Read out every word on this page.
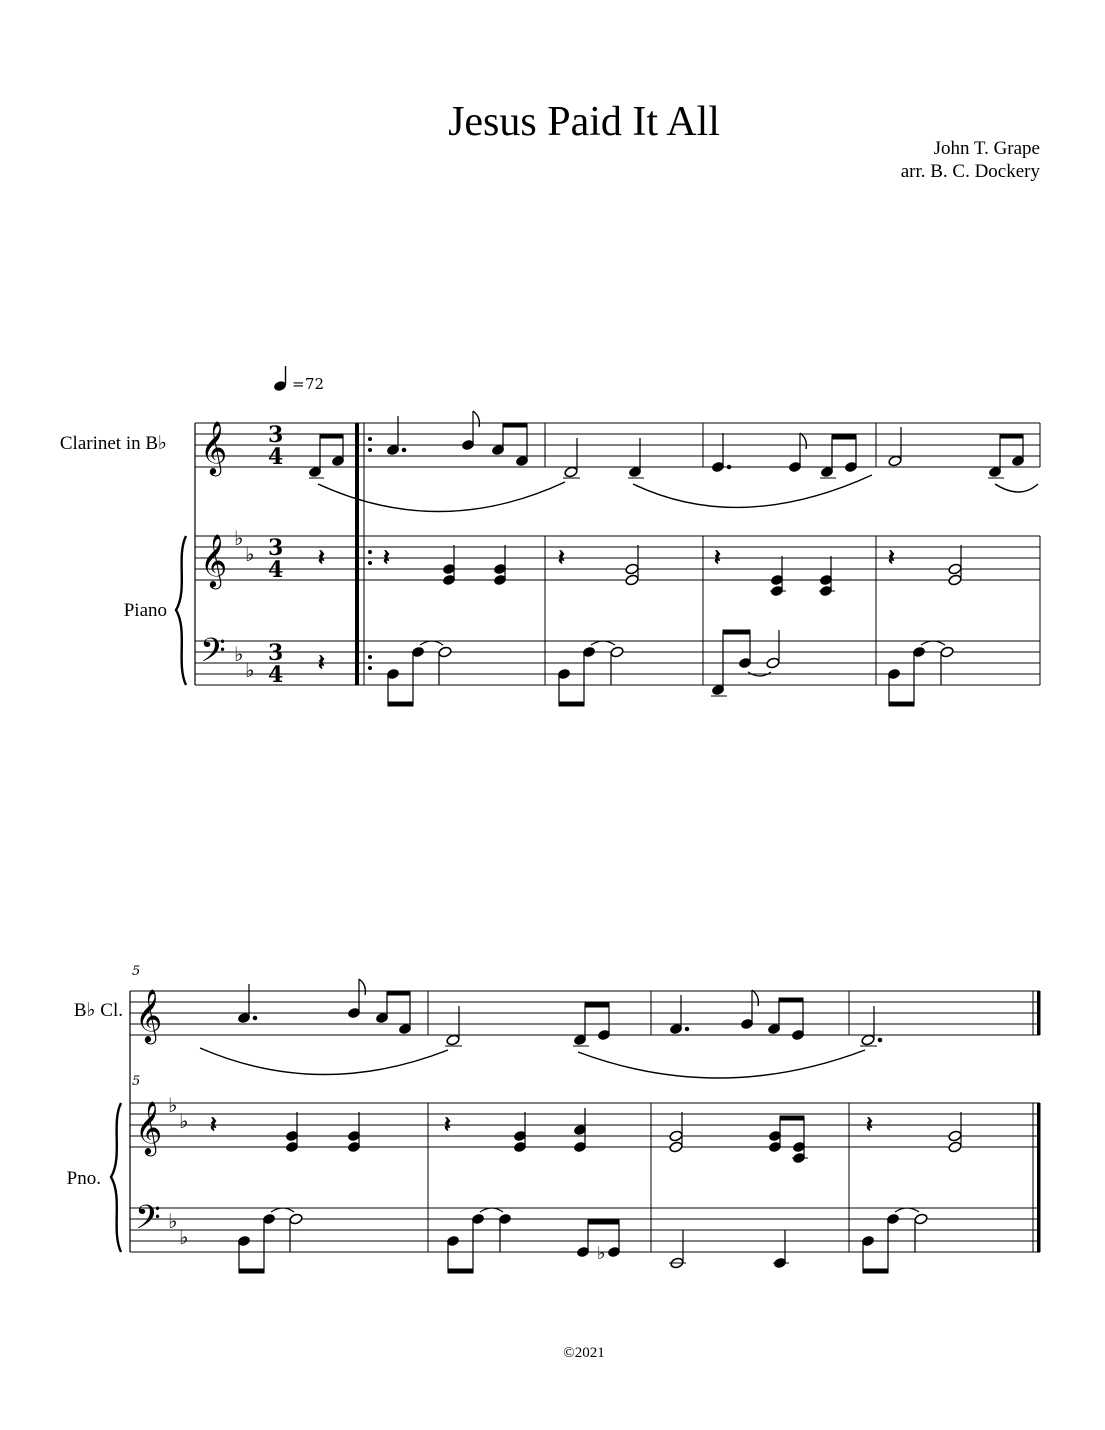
Jesus Paid It All
John T. Grape
arr. B. C. Dockery
Clarinet in B♭
Piano
B♭ Cl.
Pno.
= 72
𝄞
𝄞
𝄢
♭
♭
♭
♭
3
4
3
4
3
4
𝄽	𝄽	𝄽	𝄽	𝄽
𝄽
5
5
𝄞
𝄞
𝄢
♭
♭
♭
♭
𝄽	𝄽	𝄽
♭
©2021
